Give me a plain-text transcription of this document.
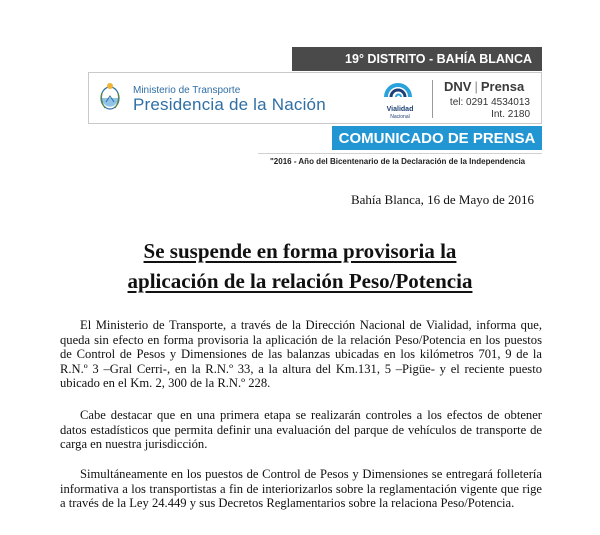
19° DISTRITO - BAHÍA BLANCA
Ministerio de Transporte
Presidencia de la Nación	Vialidad
Nacional
DNV | Prensa
tel: 0291 4534013
Int. 2180
COMUNICADO DE PRENSA
"2016 - Año del Bicentenario de la Declaración de la Independencia
Bahía Blanca, 16 de Mayo de 2016
Se suspende en forma provisoria la
aplicación de la relación Peso/Potencia

El Ministerio de Transporte, a través de la Dirección Nacional de Vialidad, informa que, queda sin efecto en forma provisoria la aplicación de la relación Peso/Potencia en los puestos de Control de Pesos y Dimensiones de las balanzas ubicadas en los kilómetros 701, 9 de la R.N.º 3 –Gral Cerri-, en la R.N.º 33, a la altura del Km.131, 5 –Pigüe- y el reciente puesto ubicado en el Km. 2, 300 de la R.N.º 228.

Cabe destacar que en una primera etapa se realizarán controles a los efectos de obtener datos estadísticos que permita definir una evaluación del parque de vehículos de transporte de carga en nuestra jurisdicción.

Simultáneamente en los puestos de Control de Pesos y Dimensiones se entregará folletería informativa a los transportistas a fin de interiorizarlos sobre la reglamentación vigente que rige a través de la Ley 24.449 y sus Decretos Reglamentarios sobre la relaciona Peso/Potencia.
